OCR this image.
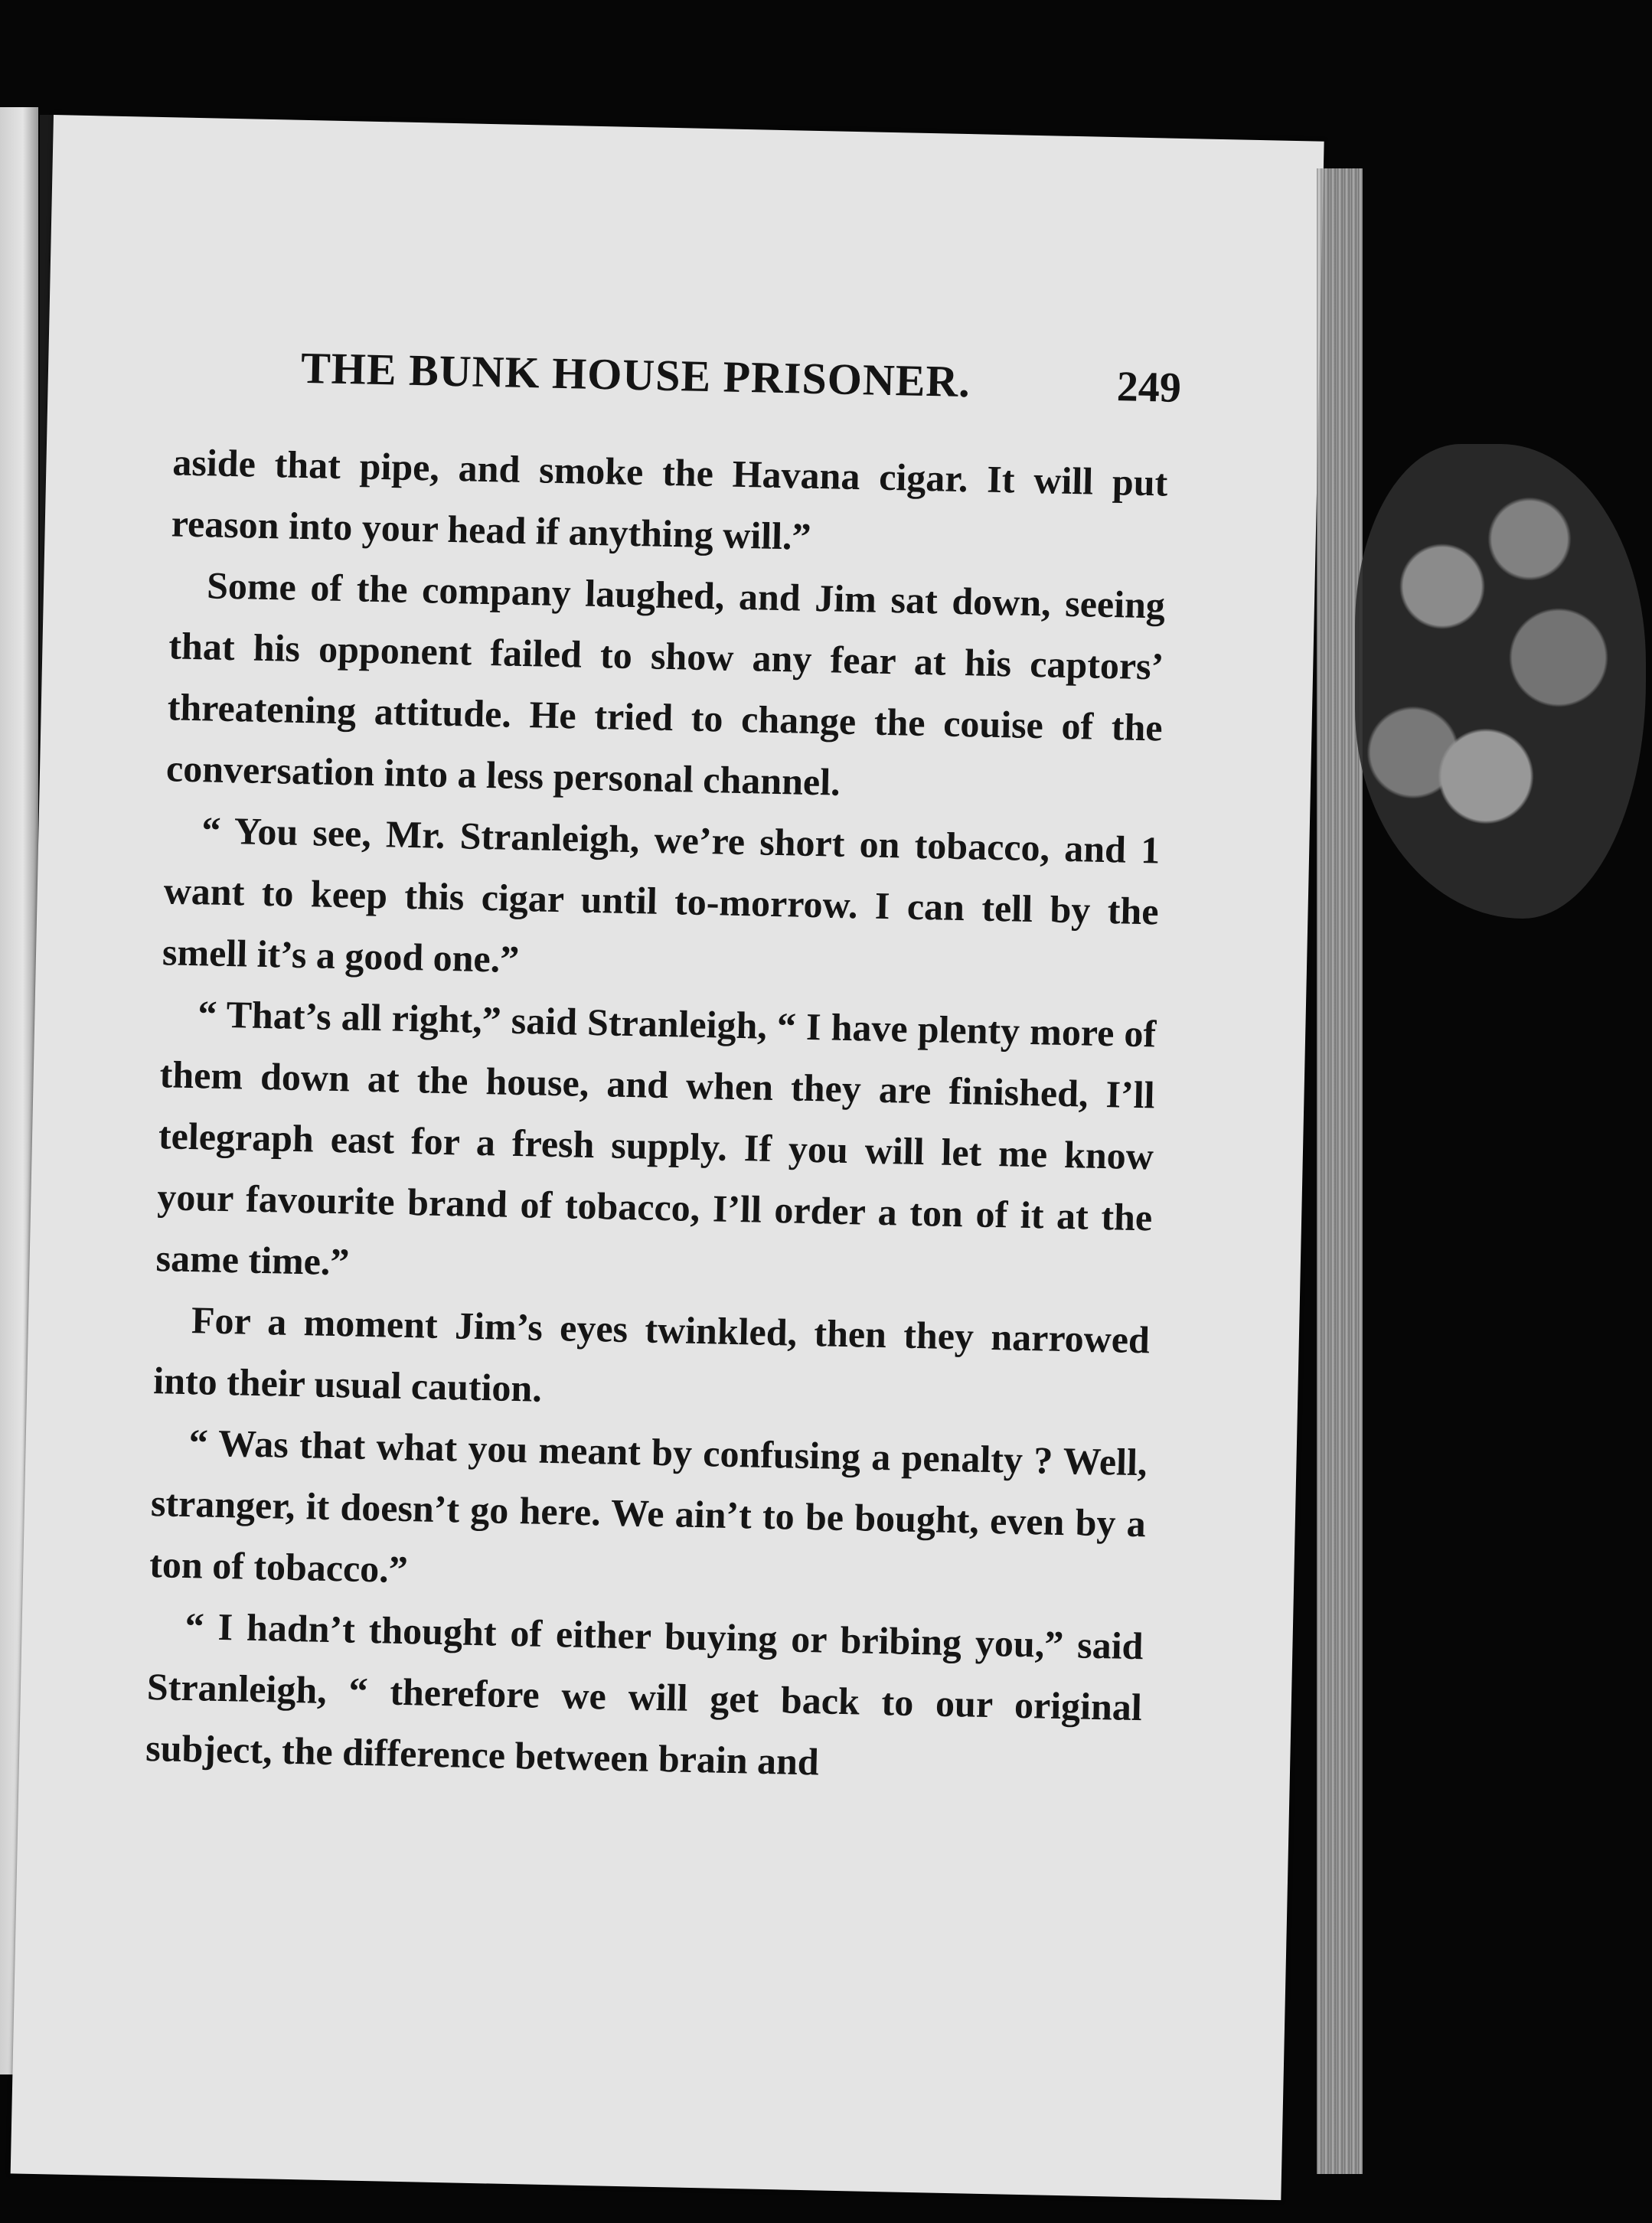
THE BUNK HOUSE PRISONER.	249

aside that pipe, and smoke the Havana cigar. It will put reason into your head if anything will.”

Some of the company laughed, and Jim sat down, seeing that his opponent failed to show any fear at his captors’ threatening attitude. He tried to change the couise of the conversation into a less personal channel.

“ You see, Mr. Stranleigh, we’re short on tobacco, and 1 want to keep this cigar until to-morrow. I can tell by the smell it’s a good one.”

“ That’s all right,” said Stranleigh, “ I have plenty more of them down at the house, and when they are finished, I’ll telegraph east for a fresh supply. If you will let me know your favourite brand of tobacco, I’ll order a ton of it at the same time.”

For a moment Jim’s eyes twinkled, then they narrowed into their usual caution.

“ Was that what you meant by confusing a penalty ? Well, stranger, it doesn’t go here. We ain’t to be bought, even by a ton of tobacco.”

“ I hadn’t thought of either buying or bribing you,” said Stranleigh, “ therefore we will get back to our original subject, the difference between brain and
